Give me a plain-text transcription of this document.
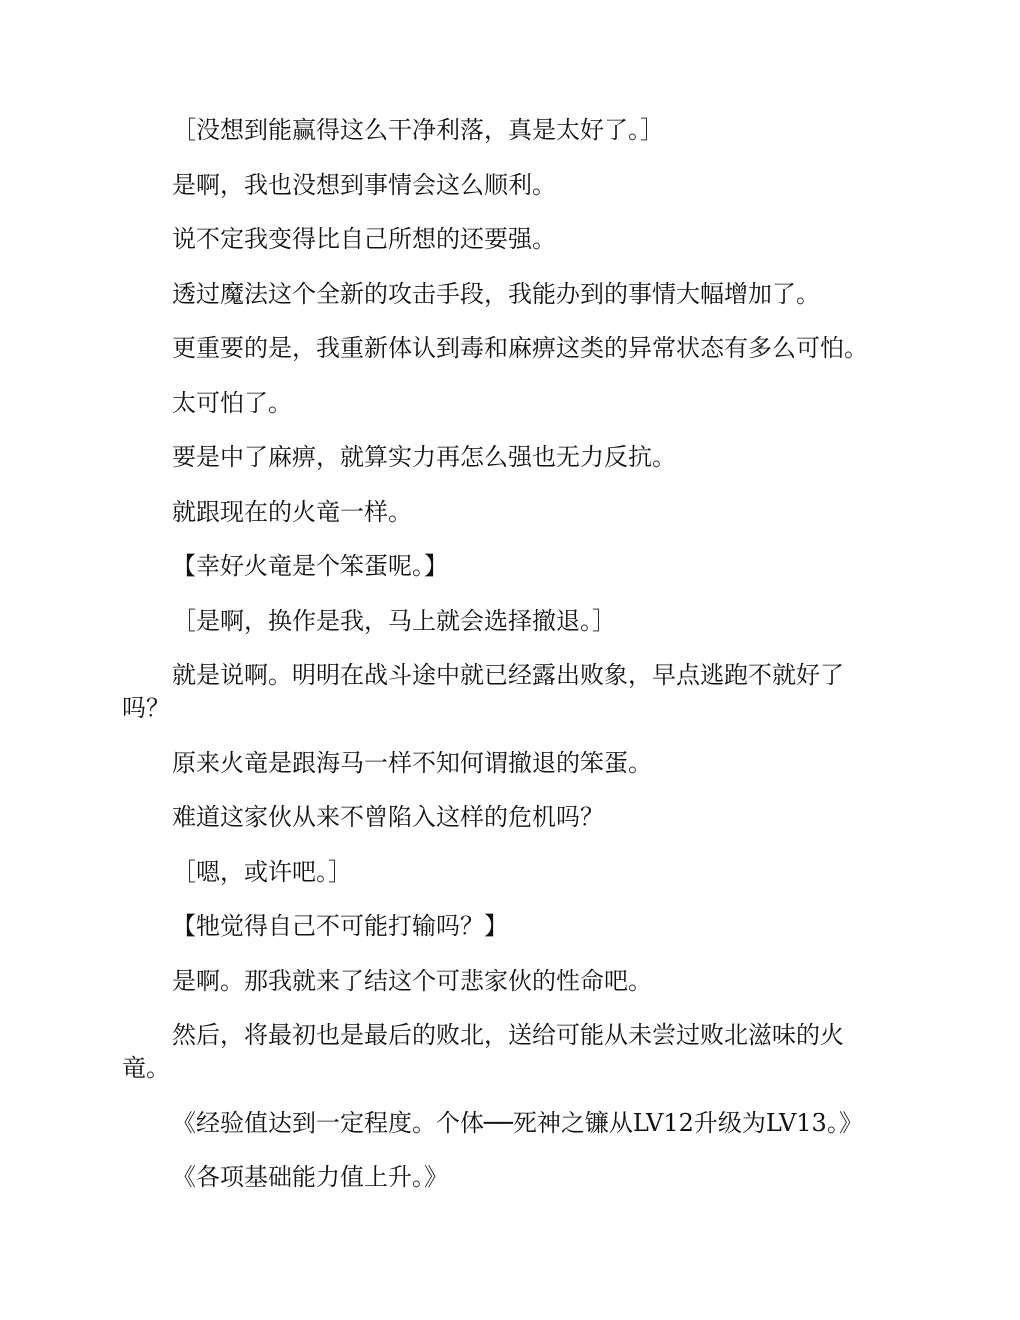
［没想到能赢得这么干净利落，真是太好了。］

是啊，我也没想到事情会这么顺利。

说不定我变得比自己所想的还要强。

透过魔法这个全新的攻击手段，我能办到的事情大幅增加了。

更重要的是，我重新体认到毒和麻痹这类的异常状态有多么可怕。

太可怕了。

要是中了麻痹，就算实力再怎么强也无力反抗。

就跟现在的火竜一样。

【幸好火竜是个笨蛋呢。】

［是啊，换作是我，马上就会选择撤退。］

就是说啊。明明在战斗途中就已经露出败象，早点逃跑不就好了吗？

原来火竜是跟海马一样不知何谓撤退的笨蛋。

难道这家伙从来不曾陷入这样的危机吗？

［嗯，或许吧。］

【牠觉得自己不可能打输吗？】

是啊。那我就来了结这个可悲家伙的性命吧。

然后，将最初也是最后的败北，送给可能从未尝过败北滋味的火竜。

《经验值达到一定程度。个体──死神之镰从LV12升级为LV13。》

《各项基础能力值上升。》
